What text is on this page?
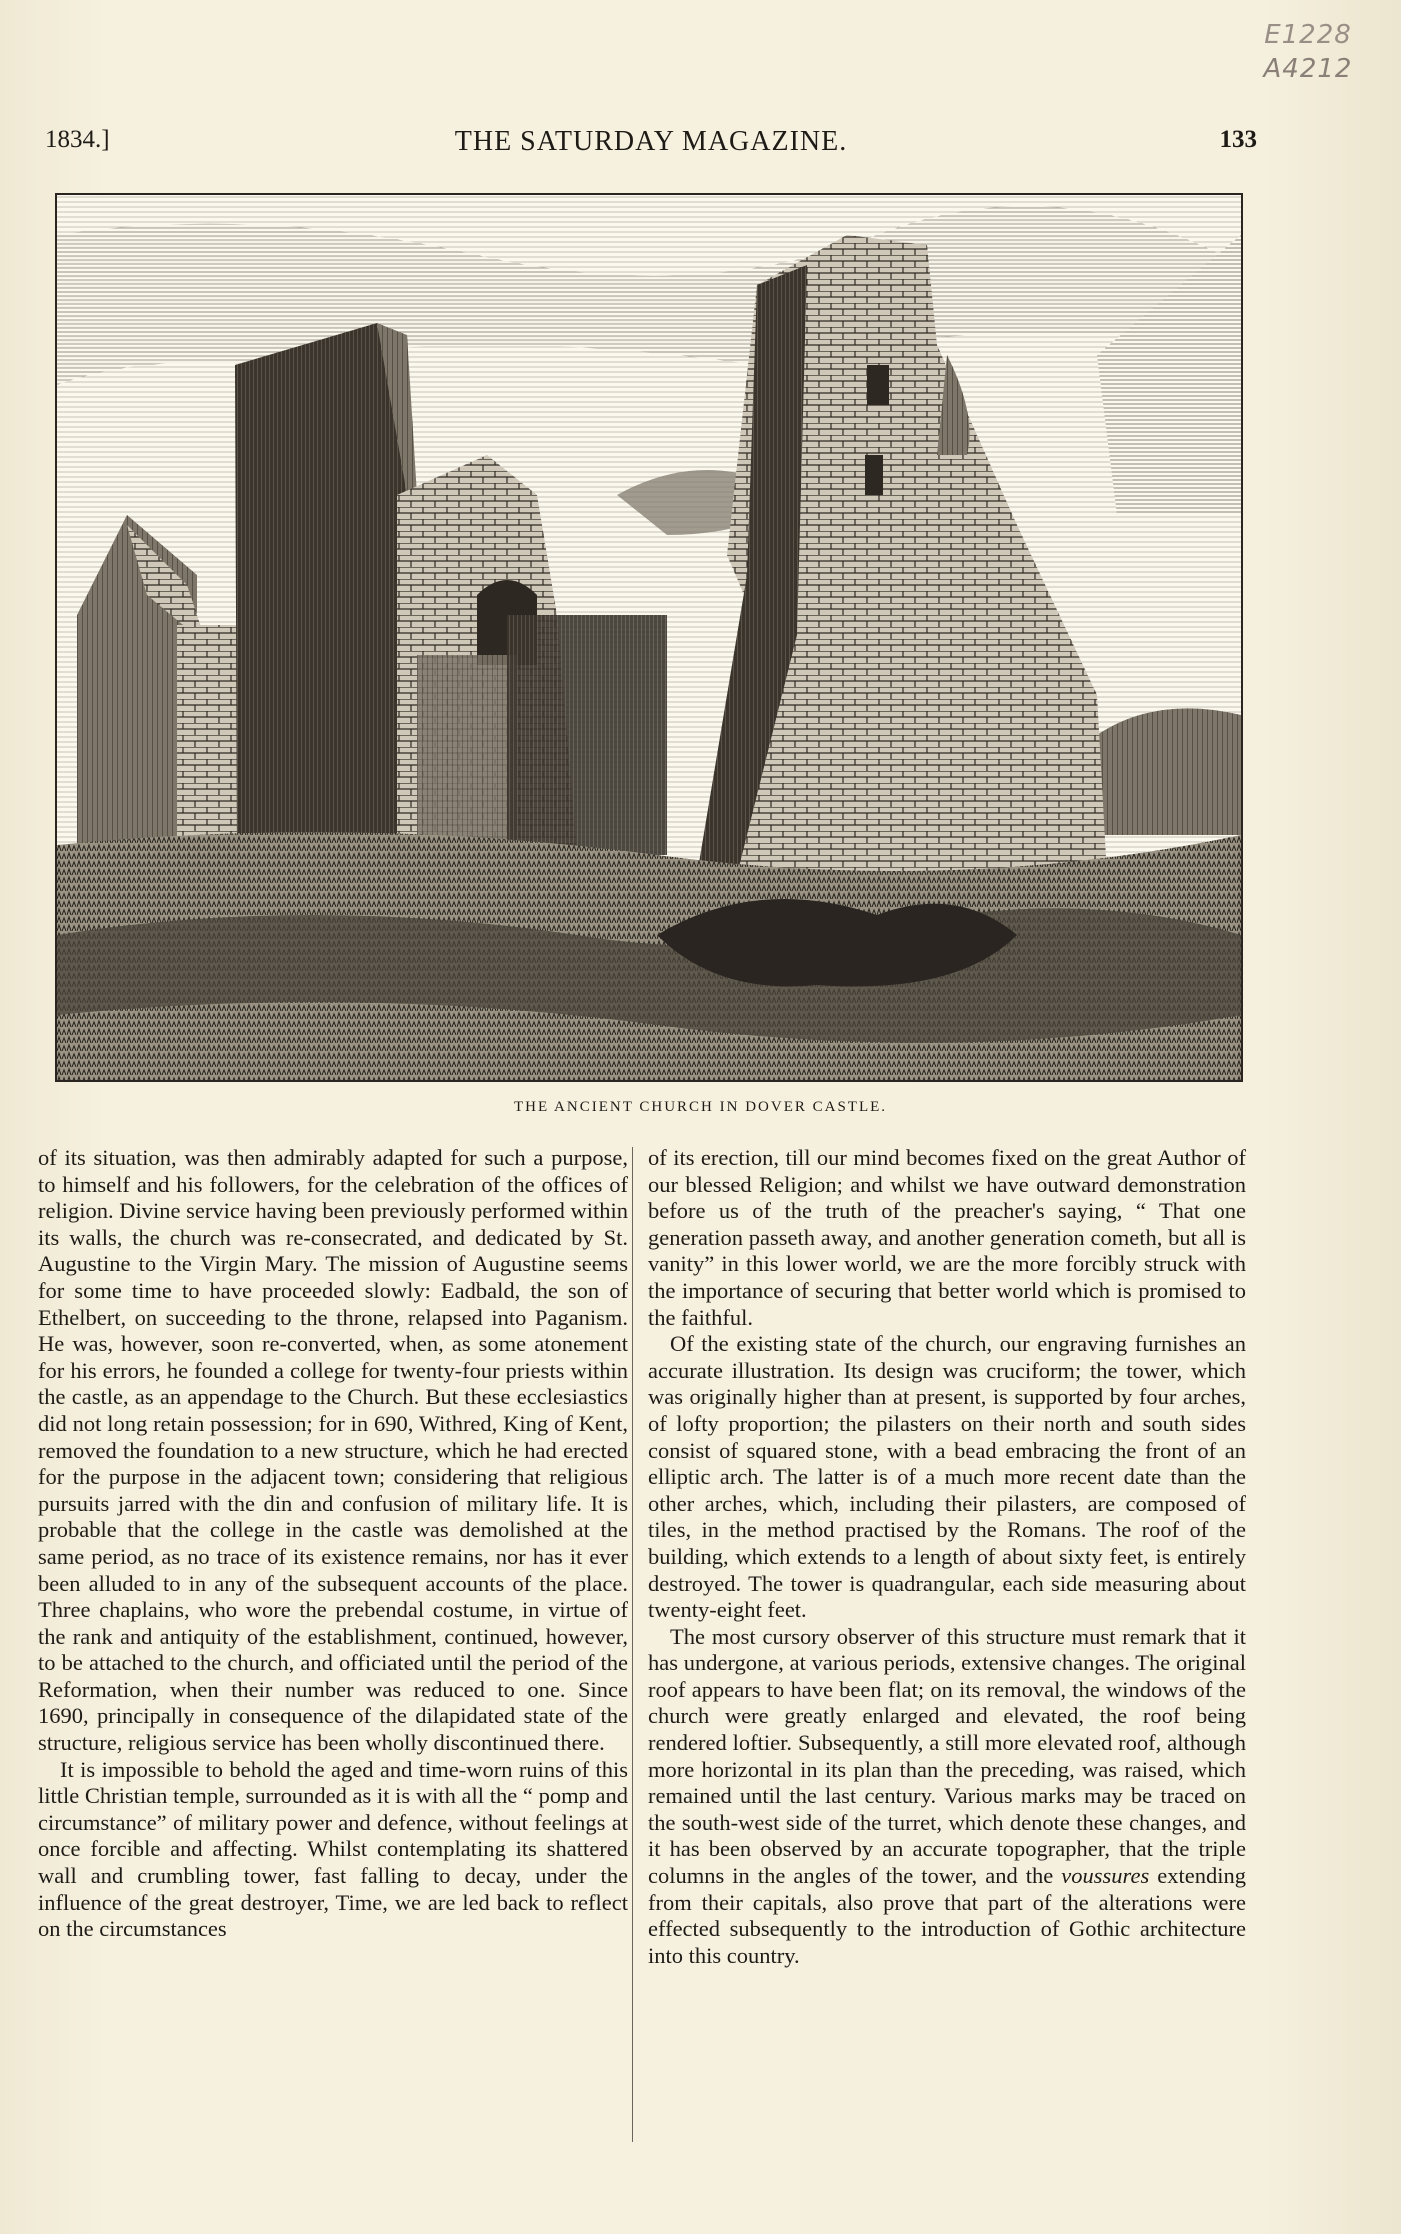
E1228
A4212
1834.]	THE SATURDAY MAGAZINE.	133
THE ANCIENT CHURCH IN DOVER CASTLE.

of its situation, was then admirably adapted for such a purpose, to himself and his followers, for the celebration of the offices of religion. Divine service having been previously performed within its walls, the church was re-consecrated, and dedicated by St. Augustine to the Virgin Mary. The mission of Augustine seems for some time to have proceeded slowly: Eadbald, the son of Ethelbert, on succeeding to the throne, relapsed into Paganism. He was, however, soon re-converted, when, as some atonement for his errors, he founded a college for twenty-four priests within the castle, as an appendage to the Church. But these ecclesiastics did not long retain possession; for in 690, Withred, King of Kent, removed the foundation to a new structure, which he had erected for the purpose in the adjacent town; considering that religious pursuits jarred with the din and confusion of military life. It is probable that the college in the castle was demolished at the same period, as no trace of its existence remains, nor has it ever been alluded to in any of the subsequent accounts of the place. Three chaplains, who wore the prebendal costume, in virtue of the rank and antiquity of the establishment, continued, however, to be attached to the church, and officiated until the period of the Reformation, when their number was reduced to one. Since 1690, principally in consequence of the dilapidated state of the structure, religious service has been wholly discontinued there.

It is impossible to behold the aged and time-worn ruins of this little Christian temple, surrounded as it is with all the “ pomp and circumstance” of military power and defence, without feelings at once forcible and affecting. Whilst contemplating its shattered wall and crumbling tower, fast falling to decay, under the influence of the great destroyer, Time, we are led back to reflect on the circumstances

of its erection, till our mind becomes fixed on the great Author of our blessed Religion; and whilst we have outward demonstration before us of the truth of the preacher's saying, “ That one generation passeth away, and another generation cometh, but all is vanity” in this lower world, we are the more forcibly struck with the importance of securing that better world which is promised to the faithful.

Of the existing state of the church, our engraving furnishes an accurate illustration. Its design was cruciform; the tower, which was originally higher than at present, is supported by four arches, of lofty proportion; the pilasters on their north and south sides consist of squared stone, with a bead embracing the front of an elliptic arch. The latter is of a much more recent date than the other arches, which, including their pilasters, are composed of tiles, in the method practised by the Romans. The roof of the building, which extends to a length of about sixty feet, is entirely destroyed. The tower is quadrangular, each side measuring about twenty-eight feet.

The most cursory observer of this structure must remark that it has undergone, at various periods, extensive changes. The original roof appears to have been flat; on its removal, the windows of the church were greatly enlarged and elevated, the roof being rendered loftier. Subsequently, a still more elevated roof, although more horizontal in its plan than the preceding, was raised, which remained until the last century. Various marks may be traced on the south-west side of the turret, which denote these changes, and it has been observed by an accurate topographer, that the triple columns in the angles of the tower, and the voussures extending from their capitals, also prove that part of the alterations were effected subsequently to the introduction of Gothic architecture into this country.
